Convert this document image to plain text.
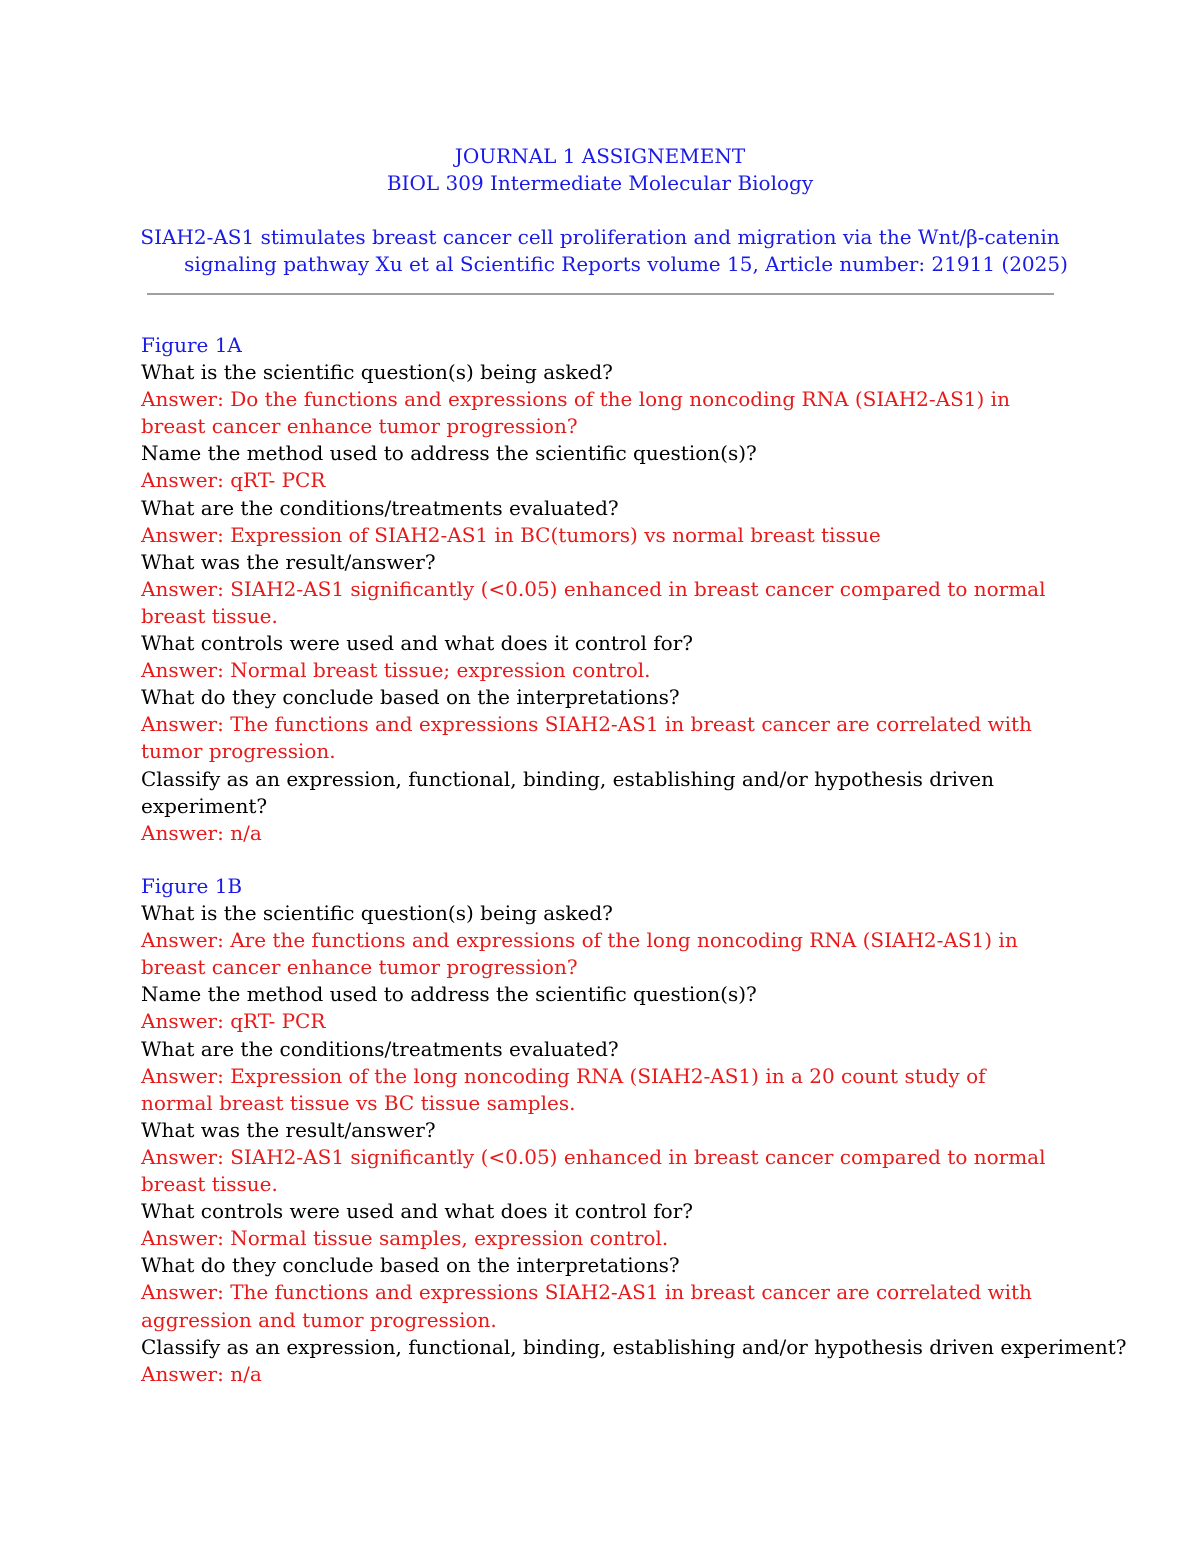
JOURNAL 1 ASSIGNEMENT
BIOL 309 Intermediate Molecular Biology
SIAH2-AS1 stimulates breast cancer cell proliferation and migration via the Wnt/β-catenin
signaling pathway Xu et al Scientific Reports volume 15, Article number: 21911 (2025)
Figure 1A
What is the scientific question(s) being asked?
Answer: Do the functions and expressions of the long noncoding RNA (SIAH2-AS1) in
breast cancer enhance tumor progression?
Name the method used to address the scientific question(s)?
Answer: qRT- PCR
What are the conditions/treatments evaluated?
Answer: Expression of SIAH2-AS1 in BC(tumors) vs normal breast tissue
What was the result/answer?
Answer: SIAH2-AS1 significantly (<0.05) enhanced in breast cancer compared to normal
breast tissue.
What controls were used and what does it control for?
Answer: Normal breast tissue; expression control.
What do they conclude based on the interpretations?
Answer: The functions and expressions SIAH2-AS1 in breast cancer are correlated with
tumor progression.
Classify as an expression, functional, binding, establishing and/or hypothesis driven
experiment?
Answer: n/a
Figure 1B
What is the scientific question(s) being asked?
Answer: Are the functions and expressions of the long noncoding RNA (SIAH2-AS1) in
breast cancer enhance tumor progression?
Name the method used to address the scientific question(s)?
Answer: qRT- PCR
What are the conditions/treatments evaluated?
Answer: Expression of the long noncoding RNA (SIAH2-AS1) in a 20 count study of
normal breast tissue vs BC tissue samples.
What was the result/answer?
Answer: SIAH2-AS1 significantly (<0.05) enhanced in breast cancer compared to normal
breast tissue.
What controls were used and what does it control for?
Answer: Normal tissue samples, expression control.
What do they conclude based on the interpretations?
Answer: The functions and expressions SIAH2-AS1 in breast cancer are correlated with
aggression and tumor progression.
Classify as an expression, functional, binding, establishing and/or hypothesis driven experiment?
Answer: n/a
